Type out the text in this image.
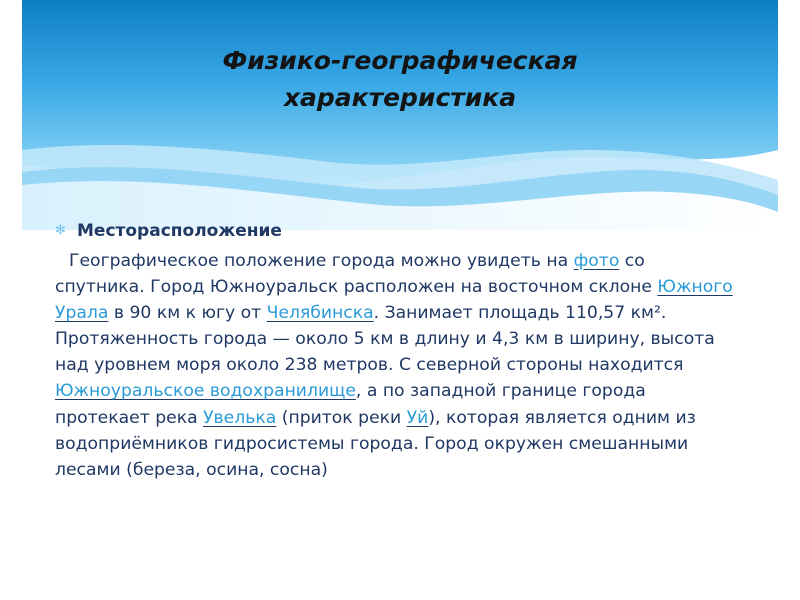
Физико-географическая
характеристика
✻ Месторасположение

Географическое положение города можно увидеть на фото со спутника. Город Южноуральск расположен на восточном склоне Южного Урала в 90 км к югу от Челябинска. Занимает площадь 110,57 км². Протяженность города — около 5 км в длину и 4,3 км в ширину, высота над уровнем моря около 238 метров. С северной стороны находится Южноуральское водохранилище, а по западной границе города протекает река Увелька (приток реки Уй), которая является одним из водоприёмников гидросистемы города. Город окружен смешанными лесами (береза, осина, сосна)
